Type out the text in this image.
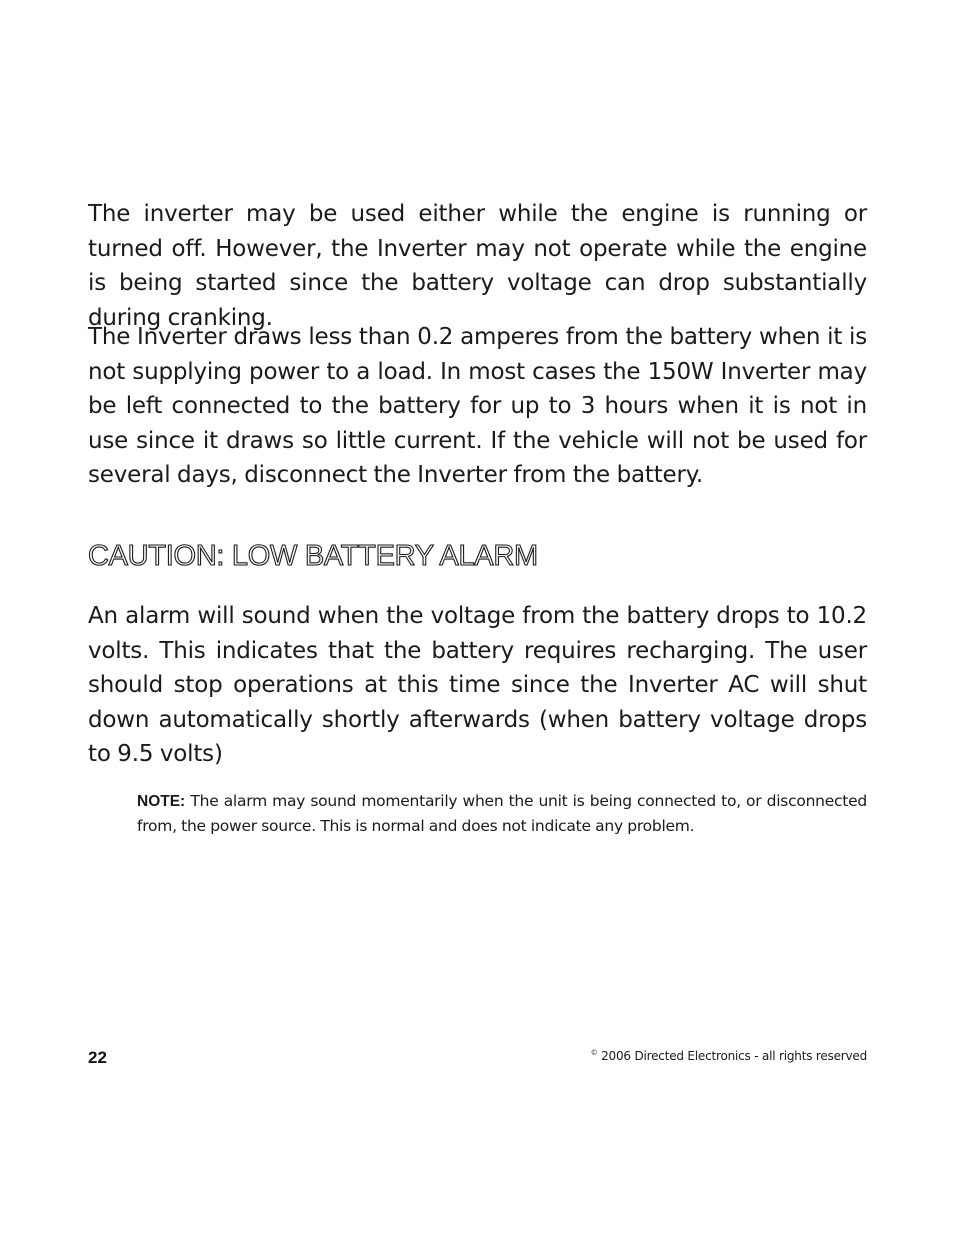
The inverter may be used either while the engine is running or turned off. However, the Inverter may not operate while the engine is being started since the battery voltage can drop substantially during cranking.

The Inverter draws less than 0.2 amperes from the battery when it is not supplying power to a load. In most cases the 150W Inverter may be left connected to the battery for up to 3 hours when it is not in use since it draws so little current. If the vehicle will not be used for several days, disconnect the Inverter from the battery.

CAUTION: LOW BATTERY ALARM

An alarm will sound when the voltage from the battery drops to 10.2 volts. This indicates that the battery requires recharging. The user should stop operations at this time since the Inverter AC will shut down automatically shortly afterwards (when battery voltage drops to 9.5 volts)

NOTE: The alarm may sound momentarily when the unit is being connected to, or disconnected from, the power source. This is normal and does not indicate any problem.

22	© 2006 Directed Electronics - all rights reserved
